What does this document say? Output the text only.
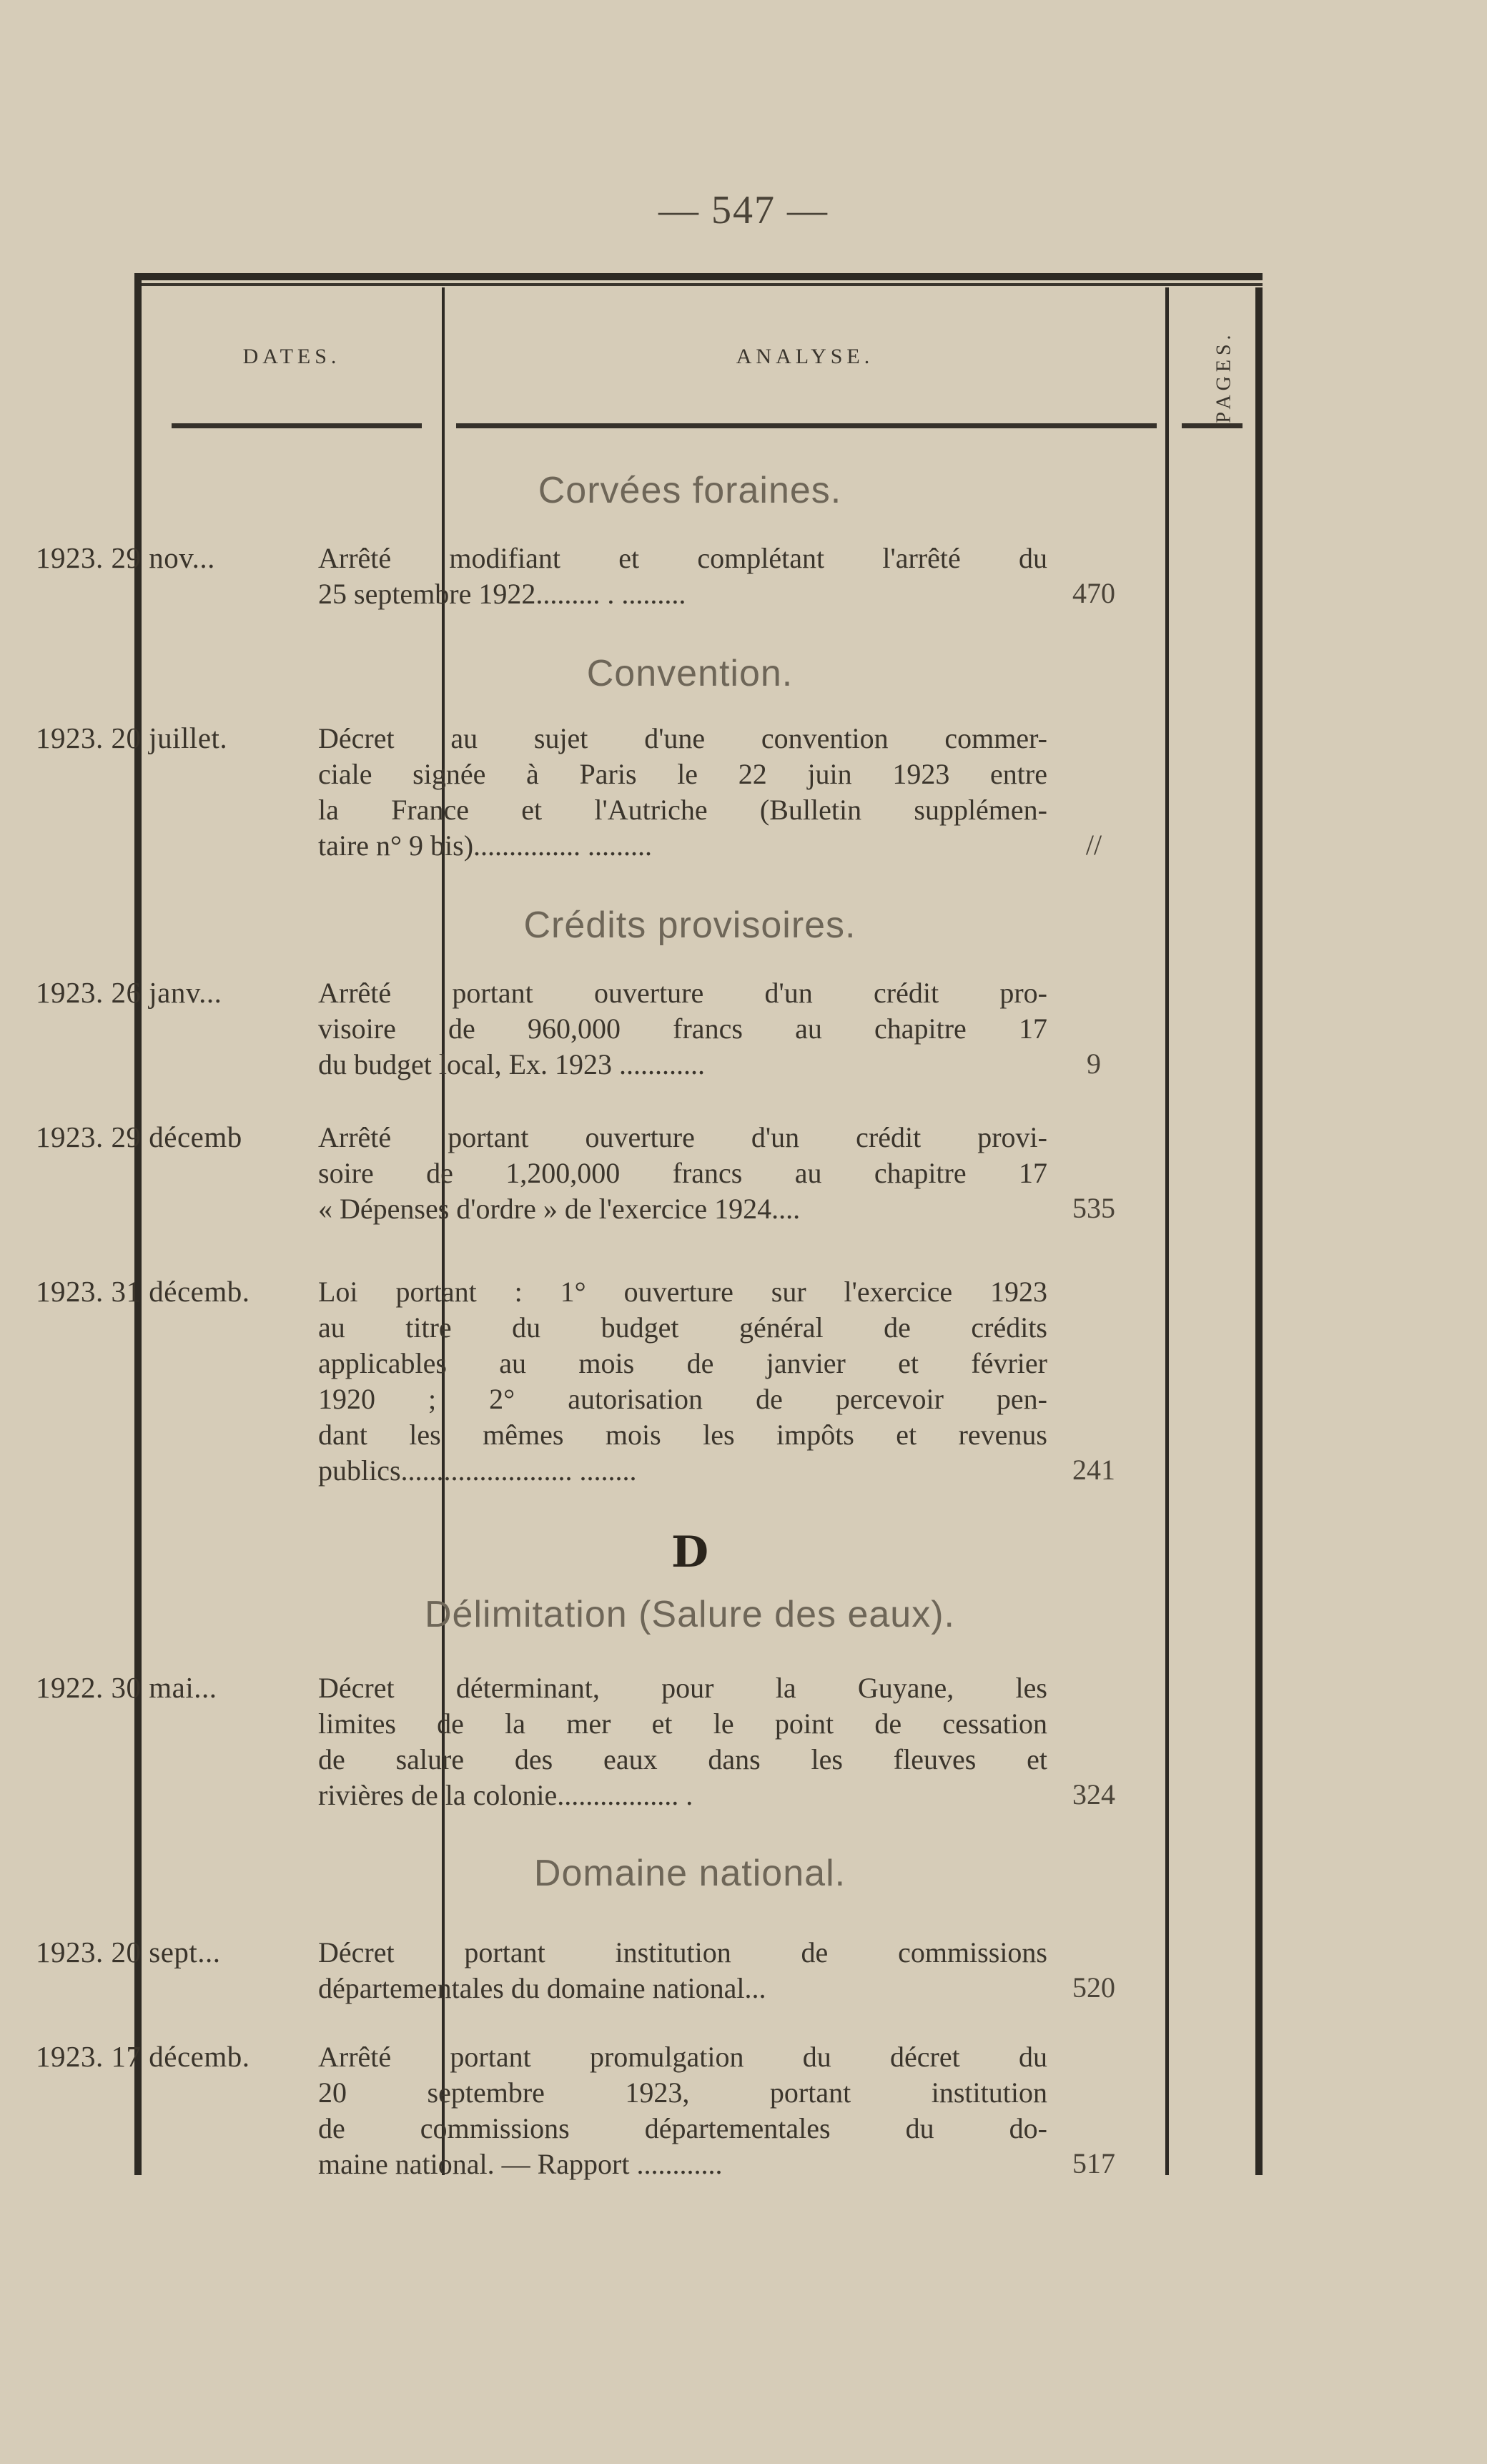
— 547 —
DATES.	ANALYSE.	PAGES.
Corvées foraines.
1923. 29 nov...	Arrêté modifiant et complétant l'arrêté du
25 septembre 1922......... . .........	470
Convention.
1923. 20 juillet.	Décret au sujet d'une convention commer-
ciale signée à Paris le 22 juin 1923 entre
la France et l'Autriche (Bulletin supplémen-
taire n° 9 bis)............... .........	//
Crédits provisoires.
1923. 26 janv...	Arrêté portant ouverture d'un crédit pro-
visoire de 960,000 francs au chapitre 17
du budget local, Ex. 1923 ............	9
1923. 29 décemb	Arrêté portant ouverture d'un crédit provi-
soire de 1,200,000 francs au chapitre 17
« Dépenses d'ordre » de l'exercice 1924....	535
1923. 31 décemb.	Loi portant : 1° ouverture sur l'exercice 1923
au titre du budget général de crédits
applicables au mois de janvier et février
1920 ; 2° autorisation de percevoir pen-
dant les mêmes mois les impôts et revenus
publics........................ ........	241
D
Délimitation (Salure des eaux).
1922. 30 mai...	Décret déterminant, pour la Guyane, les
limites de la mer et le point de cessation
de salure des eaux dans les fleuves et
rivières de la colonie................. .	324
Domaine national.
1923. 20 sept...	Décret portant institution de commissions
départementales du domaine national...	520
1923. 17 décemb.	Arrêté portant promulgation du décret du
20 septembre 1923, portant institution
de commissions départementales du do-
maine national. — Rapport ............	517
